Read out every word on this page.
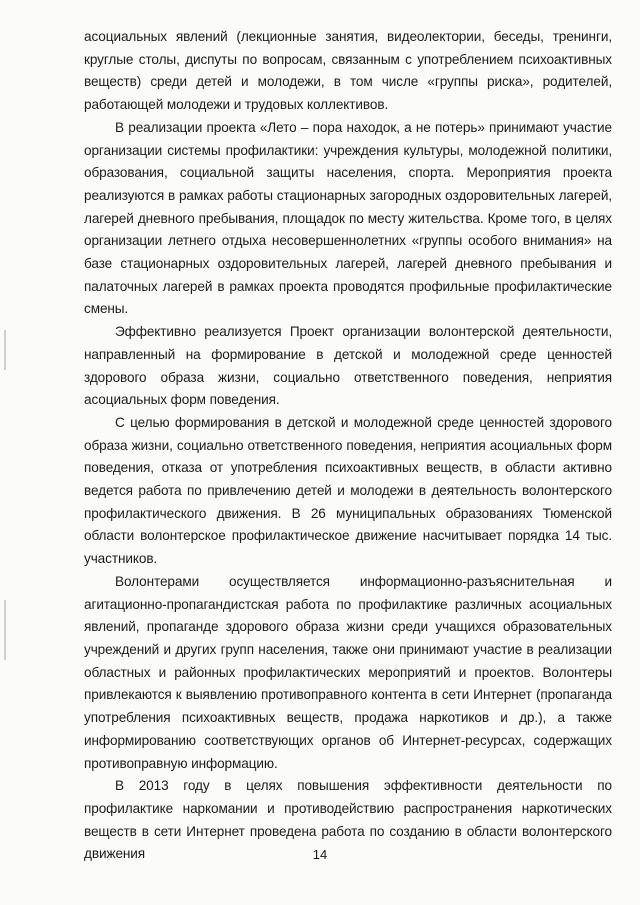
асоциальных явлений (лекционные занятия, видеолектории, беседы, тренинги, круглые столы, диспуты по вопросам, связанным с употреблением психоактивных веществ) среди детей и молодежи, в том числе «группы риска», родителей, работающей молодежи и трудовых коллективов.

В реализации проекта «Лето – пора находок, а не потерь» принимают участие организации системы профилактики: учреждения культуры, молодежной политики, образования, социальной защиты населения, спорта. Мероприятия проекта реализуются в рамках работы стационарных загородных оздоровительных лагерей, лагерей дневного пребывания, площадок по месту жительства. Кроме того, в целях организации летнего отдыха несовершеннолетних «группы особого внимания» на базе стационарных оздоровительных лагерей, лагерей дневного пребывания и палаточных лагерей в рамках проекта проводятся профильные профилактические смены.

Эффективно реализуется Проект организации волонтерской деятельности, направленный на формирование в детской и молодежной среде ценностей здорового образа жизни, социально ответственного поведения, неприятия асоциальных форм поведения.

С целью формирования в детской и молодежной среде ценностей здорового образа жизни, социально ответственного поведения, неприятия асоциальных форм поведения, отказа от употребления психоактивных веществ, в области активно ведется работа по привлечению детей и молодежи в деятельность волонтерского профилактического движения. В 26 муниципальных образованиях Тюменской области волонтерское профилактическое движение насчитывает порядка 14 тыс. участников.

Волонтерами осуществляется информационно-разъяснительная и агитационно-пропагандистская работа по профилактике различных асоциальных явлений, пропаганде здорового образа жизни среди учащихся образовательных учреждений и других групп населения, также они принимают участие в реализации областных и районных профилактических мероприятий и проектов. Волонтеры привлекаются к выявлению противоправного контента в сети Интернет (пропаганда употребления психоактивных веществ, продажа наркотиков и др.), а также информированию соответствующих органов об Интернет-ресурсах, содержащих противоправную информацию.

В 2013 году в целях повышения эффективности деятельности по профилактике наркомании и противодействию распространения наркотических веществ в сети Интернет проведена работа по созданию в области волонтерского движения	14
